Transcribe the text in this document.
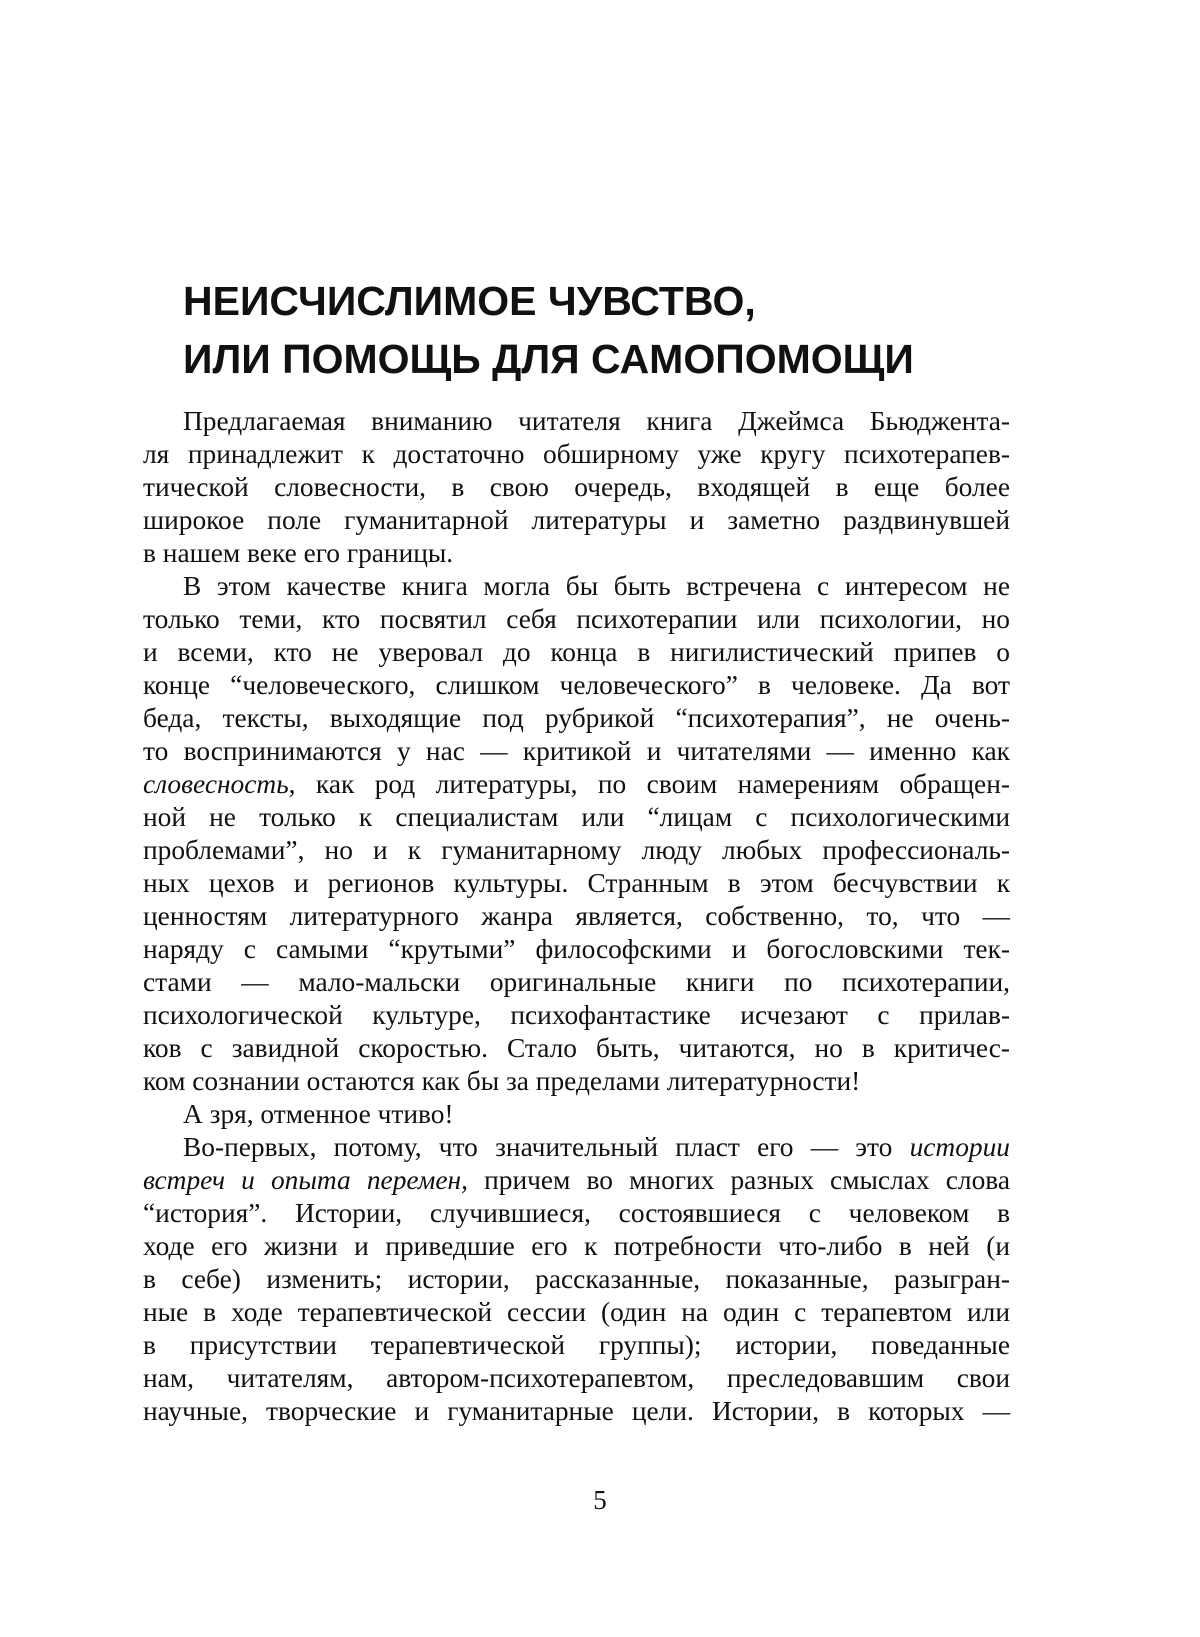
НЕИСЧИСЛИМОЕ ЧУВСТВО,
ИЛИ ПОМОЩЬ ДЛЯ САМОПОМОЩИ
Предлагаемая вниманию читателя книга Джеймса Бьюджента-
ля принадлежит к достаточно обширному уже кругу психотерапев-
тической словесности, в свою очередь, входящей в еще более
широкое поле гуманитарной литературы и заметно раздвинувшей
в нашем веке его границы.
В этом качестве книга могла бы быть встречена с интересом не
только теми, кто посвятил себя психотерапии или психологии, но
и всеми, кто не уверовал до конца в нигилистический припев о
конце “человеческого, слишком человеческого” в человеке. Да вот
беда, тексты, выходящие под рубрикой “психотерапия”, не очень-
то воспринимаются у нас — критикой и читателями — именно как
словесность, как род литературы, по своим намерениям обращен-
ной не только к специалистам или “лицам с психологическими
проблемами”, но и к гуманитарному люду любых профессиональ-
ных цехов и регионов культуры. Странным в этом бесчувствии к
ценностям литературного жанра является, собственно, то, что —
наряду с самыми “крутыми” философскими и богословскими тек-
стами — мало-мальски оригинальные книги по психотерапии,
психологической культуре, психофантастике исчезают с прилав-
ков с завидной скоростью. Стало быть, читаются, но в критичес-
ком сознании остаются как бы за пределами литературности!
А зря, отменное чтиво!
Во-первых, потому, что значительный пласт его — это истории
встреч и опыта перемен, причем во многих разных смыслах слова
“история”. Истории, случившиеся, состоявшиеся с человеком в
ходе его жизни и приведшие его к потребности что-либо в ней (и
в себе) изменить; истории, рассказанные, показанные, разыгран-
ные в ходе терапевтической сессии (один на один с терапевтом или
в присутствии терапевтической группы); истории, поведанные
нам, читателям, автором-психотерапевтом, преследовавшим свои
научные, творческие и гуманитарные цели. Истории, в которых —
5
